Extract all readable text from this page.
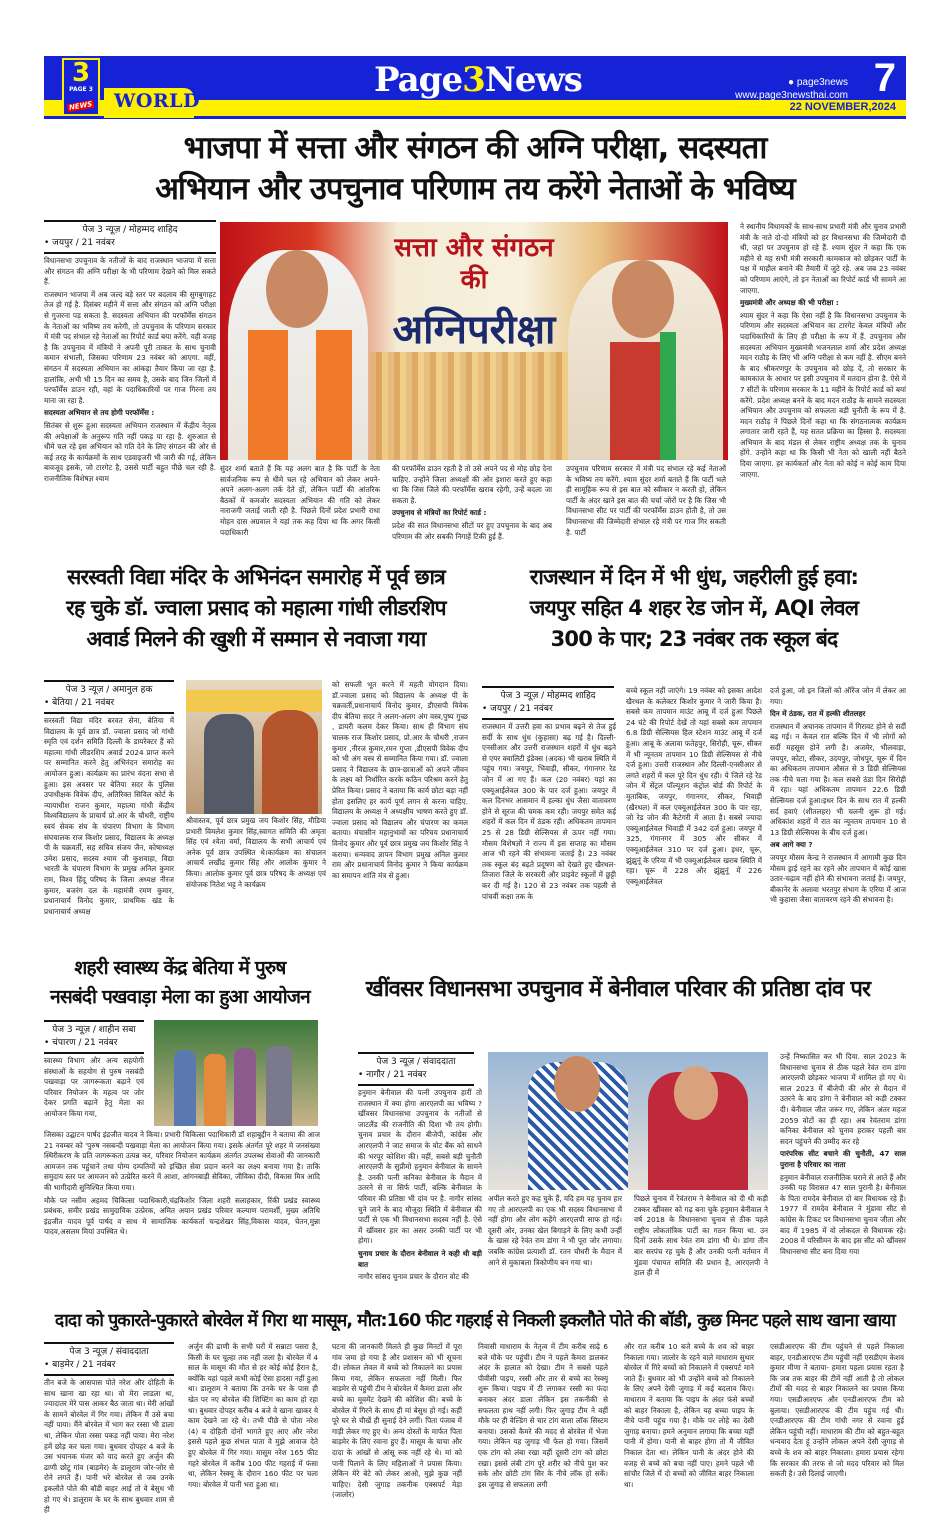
WORLD
3
PAGE 3
NEWS
Page3News	● page3news
www.page3newsthai.com 7
22 NOVEMBER,2024
भाजपा में सत्ता और संगठन की अग्नि परीक्षा, सदस्यता
अभियान और उपचुनाव परिणाम तय करेंगे नेताओं के भविष्य
पेज 3 न्यूज़ / मोहम्मद शाहिद
• जयपुर / 21 नवंबर

विधानसभा उपचुनाव के नतीजों के बाद राजस्थान भाजपा में सत्ता और संगठन की अग्नि परीक्षा के भी परिणाम देखने को मिल सकते हैं.

राजस्थान भाजपा में अब जल्द बड़े स्तर पर बदलाव की सुगबुगाहट तेज हो गई है. दिसंबर महीने में सत्ता और संगठन को अग्नि परीक्षा से गुजरना पड़ सकता है. सदस्यता अभियान की परफॉर्मेंस संगठन के नेताओं का भविष्य तय करेगी, तो उपचुनाव के परिणाम सरकार में मंत्री पद संभाल रहे नेताओं का रिपोर्ट कार्ड बया करेंगे. यही वजह है कि उपचुनाव में मंत्रियों ने अपनी पूरी ताकत के साथ चुनावी कमान संभाली, जिसका परिणाम 23 नवंबर को आएगा. वहीं, संगठन में सदस्यता अभियान का आंकड़ा तैयार किया जा रहा है. हालांकि, अभी भी 15 दिन का समय है, उसके बाद जिन जिलों में परफॉर्मेंस डाउन रही, वहां के पदाधिकारियों पर गाज गिरना तय माना जा रहा है.

सदस्यता अभियान से तय होगी परफॉर्मेंस :

सितंबर से शुरू हुआ सदस्यता अभियान राजस्थान में केंद्रीय नेतृत्व की अपेक्षाओं के अनुरूप गति नहीं पकड़ पा रहा है. शुरुआत से धीमे चल रहे इस अभियान को गति देने के लिए संगठन की ओर से कई तरह के कार्यक्रमों के साथ एडवाइजरी भी जारी की गई, लेकिन बावजूद इसके, जो टारगेट है, उससे पार्टी बहुत पीछे चल रही है. राजनीतिक विशेषज्ञ श्याम

सत्ता और संगठन
की
अग्निपरीक्षा

सुंदर शर्मा बताते हैं कि यह अलग बात है कि पार्टी के नेता सार्वजनिक रूप से धीमे चल रहे अभियान को लेकर अपने-अपने अलग-अलग तर्क देते हों, लेकिन पार्टी की आंतरिक बैठकों में कमजोर सदस्यता अभियान की गति को लेकर नाराजगी जताई जाती रही है. पिछले दिनों प्रदेश प्रभारी राधा मोहन दास अग्रवाल ने यहां तक कह दिया था कि अगर किसी पदाधिकारी

की परफॉर्मेंस डाउन रहती है तो उसे अपने पद से मोह छोड़ देना चाहिए. उन्होंने जिला अध्यक्षों की ओर इशारा करते हुए कहा था कि जिस जिले की परफॉर्मेंस खराब रहेगी, उन्हें बदला जा सकता है.

उपचुनाव से मंत्रियों का रिपोर्ट कार्ड :

प्रदेश की सात विधानसभा सीटों पर हुए उपचुनाव के बाद अब परिणाम की ओर सबकी निगाहें टिकी हुई हैं.

उपचुनाव परिणाम सरकार में मंत्री पद संभाल रहे कई नेताओं के भविष्य तय करेंगे. श्याम सुंदर शर्मा बताते हैं कि पार्टी भले ही सामूहिक रूप से इस बात को स्वीकार न करती हो, लेकिन पार्टी के अंदर खाने इस बात की चर्चा जोरों पर है कि जिस भी विधानसभा सीट पर पार्टी की परफॉर्मेंस डाउन होती है, तो उस विधानसभा की जिम्मेदारी संभाल रहे मंत्री पर गाज गिर सकती है. पार्टी

ने स्थानीय विधायकों के साथ-साथ प्रभारी मंत्री और चुनाव प्रभारी मंत्री के नाते दो-दो मंत्रियों को हर विधानसभा की जिम्मेदारी दी थी, जहां पर उपचुनाव हो रहे हैं. श्याम सुंदर ने कहा कि एक महीने से यह सभी मंत्री सरकारी कामकाज को छोड़कर पार्टी के पक्ष में माहौल बनाने की तैयारी में जुटे रहे. अब जब 23 नवंबर को परिणाम आएंगे, तो इन नेताओं का रिपोर्ट कार्ड भी सामने आ जाएगा.

मुख्यमंत्री और अध्यक्ष की भी परीक्षा :

श्याम सुंदर ने कहा कि ऐसा नहीं है कि विधानसभा उपचुनाव के परिणाम और सदस्यता अभियान का टारगेट केवल मंत्रियों और पदाधिकारियों के लिए ही परीक्षा के रूप में हैं. उपचुनाव और सदस्यता अभियान मुख्यमंत्री भजनलाल शर्मा और प्रदेश अध्यक्ष मदन राठौड़ के लिए भी अग्नि परीक्षा से कम नहीं है. सीएम बनने के बाद श्रीकरणपुर के उपचुनाव को छोड़ दें, तो सरकार के कामकाज के आधार पर इसी उपचुनाव में मतदान होना है. ऐसे में 7 सीटों के परिणाम सरकार के 11 महीने के रिपोर्ट कार्ड को बयां करेंगे. प्रदेश अध्यक्ष बनने के बाद मदन राठौड़ के सामने सदस्यता अभियान और उपचुनाव को सफलता बड़ी चुनौती के रूप में है. मदन राठौड़ ने पिछले दिनों कहा था कि संगठनात्मक कार्यक्रम लगातार जारी रहते हैं, यह सतत प्रक्रिया का हिस्सा है. सदस्यता अभियान के बाद मंडल से लेकर राष्ट्रीय अध्यक्ष तक के चुनाव होंगे. उन्होंने कहा था कि किसी भी नेता को खाली नहीं बैठने दिया जाएगा. हर कार्यकर्ता और नेता को कोई न कोई काम दिया जाएगा.

सरस्वती विद्या मंदिर के अभिनंदन समारोह में पूर्व छात्र
रह चुके डॉ. ज्वाला प्रसाद को महात्मा गांधी लीडरशिप
अवार्ड मिलने की खुशी में सम्मान से नवाजा गया
राजस्थान में दिन में भी धुंध, जहरीली हुई हवा:
जयपुर सहित 4 शहर रेड जोन में, AQI लेवल
300 के पार; 23 नवंबर तक स्कूल बंद
पेज 3 न्यूज़ / अमानुल हक
• बेतिया / 21 नवंबर

सरस्वती विद्या मंदिर बरवत सेना, बेतिया में विद्यालय के पूर्व छात्र डॉ. ज्वाला प्रसाद जो गांधी स्मृति एवं दर्शन समिति दिल्ली के डायरेक्टर हैं को महात्मा गांधी लीडरशिप अवार्ड 2024 प्राप्त करने पर सम्मानित करने हेतु अभिनंदन समारोह का आयोजन हुआ। कार्यक्रम का प्रारंभ वंदना सभा से हुआ। इस अवसर पर बेतिया सदर के पुलिस उपाधीक्षक विवेक दीप, अतिरिक्त सिविल कोर्ट के न्यायाधीश राजन कुमार, महात्मा गांधी केंद्रीय विश्वविद्यालय के प्राचार्य प्रो.आर के चौधरी, राष्ट्रीय स्वयं सेवक संघ के चंपारण विभाग के विभाग संघचालक राज किशोर प्रसाद, विद्यालय के अध्यक्ष पी के चक्रवर्ती, सह सचिव संजय जैन, कोषाध्यक्ष उमेश प्रसाद, सदस्य श्याम जी कुशवाहा, विद्या भारती के चंपारण विभाग के प्रमुख अनिल कुमार राम, विश्व हिंदू परिषद के जिला अध्यक्ष नीरज कुमार, बजरंग दल के महामंत्री रमण कुमार, प्रधानाचार्य विनोद कुमार, प्राथमिक खंड के प्रधानाचार्य अध्यक्ष

श्रीवास्तव, पूर्व छात्र प्रमुख जय किशोर सिंह, मीडिया प्रभारी विमलेश कुमार सिंह,स्वागत समिति की अमृता सिंह एवं श्वेता वर्मा, विद्यालय के सभी आचार्य एवं अनेक पूर्व छात्र उपस्थित थे।कार्यक्रम का संचालन आचार्य लखींद्र कुमार सिंह और आलोक कुमार ने किया। आलोक कुमार पूर्व छात्र परिषद के अध्यक्ष एवं संयोजक नितेश भट्ट ने कार्यक्रम

को सफली भूत करने में महती योगदान दिया। डॉ.ज्वाला प्रसाद को विद्यालय के अध्यक्ष पी के चक्रवर्ती,प्रधानाचार्य विनोद कुमार, डीएसपी विवेक दीप बेतिया सदर ने अलग-अलग अंग वस्त्र,पुष्प गुच्छ , डायरी कलम देकर किया। साथ ही विभाग संघ चालक राज किशोर प्रसाद, प्रो.आर के चौधरी ,राजन कुमार ,नीरज कुमार,रमन गुप्ता ,डीएसपी विवेक दीप को भी अंग वस्त्र से सम्मानित किया गया। डॉ. ज्वाला प्रसाद ने विद्यालय के छात्र-छात्राओं को अपने जीवन के लक्ष्य को निर्धारित करके कठिन परिश्रम करने हेतु प्रेरित किया। प्रसाद ने बताया कि कार्य छोटा बड़ा नहीं होता इसलिए हर कार्य पूर्ण लगन से करना चाहिए. विद्यालय के अध्यक्ष ने अध्यक्षीय भाषण करते हुए डॉ. ज्वाला प्रसाद को विद्यालय और चंपारण का कमल बताया। मंचासीन महानुभावों का परिचय प्रधानाचार्य विनोद कुमार और पूर्व छात्र प्रमुख जय किशोर सिंह ने कराया। धन्यवाद ज्ञापन विभाग प्रमुख अनिल कुमार राम और प्रधानाचार्य विनोद कुमार ने किया कार्यक्रम का समापन शांति मंत्र से हुआ।

पेज 3 न्यूज़ / मोहम्मद शाहिद
• जयपुर / 21 नवंबर

राजस्थान में उत्तरी हवा का प्रभाव बढ़ने से तेज हुई सर्दी के साथ धुंध (कुहासा) बढ़ गई है। दिल्ली-एनसीआर और उत्तरी राजस्थान शहरों में धुंध बढ़ने से एयर क्वालिटी इंडेक्स (अदक) भी खराब स्थिति में पहुंच गया। जयपुर, भिवाड़ी, सीकर, गंगानगर रेड जोन में आ गए हैं। कल (20 नवंबर) यहां का एक्यूआईलेवल 300 के पार दर्ज हुआ। जयपुर में कल दिनभर आसमान में हल्का धुंध जैसा वातावरण होने से सूरज की चमक कम रही। जयपुर समेत कई शहरों में कल दिन में ठंडक रही। अधिकतम तापमान 25 से 28 डिग्री सेल्सियस से ऊपर नहीं गया। मौसम विशेषज्ञों ने राज्य में इस सप्ताह का मौसम आज भी रहने की संभावना जताई है। 23 नवंबर तक स्कूल बंद बढ़ते प्रदूषण को देखते हुए खैरथल-तिजारा जिले के सरकारी और प्राइवेट स्कूलों में छुट्टी कर दी गई है। 120 से 23 नवंबर तक पहली से पांचवीं कक्षा तक के

बच्चे स्कूल नहीं जाएंगे। 19 नवंबर को इसका आदेश खैरथल के कलेक्टर किशोर कुमार ने जारी किया है। सबसे कम तापमान माउंट आबू में दर्ज हुआ पिछले 24 घंटे की रिपोर्ट देखें तो यहां सबसे कम तापमान 6.8 डिग्री सेल्सियस हिल स्टेशन माउंट आबू में दर्ज हुआ। आबू के अलावा फतेहपुर, सिरोही, चूरू, सीकर में भी न्यूनतम तापमान 10 डिग्री सेल्सियस से नीचे दर्ज हुआ। उत्तरी राजस्थान और दिल्ली-एनसीआर से लगते शहरों में कल पूरे दिन धुंध रही। ये जिले रहे रेड जोन में सेंट्रल पॉल्यूशन कंट्रोल बोर्ड की रिपोर्ट के मुताबिक, जयपुर, गंगानगर, सीकर, भिवाड़ी (खैरथल) में कल एक्यूआईलेवल 300 के पार रहा, जो रेड जोन की कैटेगरी में आता है। सबसे ज्यादा एक्यूआईलेवल भिवाड़ी में 342 दर्ज हुआ। जयपुर में 325, गंगानगर में 305 और सीकर में एक्यूआईलेवल 310 पर दर्ज हुआ। इधर, चूरू, झुंझुनूं के एरिया में भी एक्यूआईलेवल खराब स्थिति में रहा। चूरू में 228 और झुंझुनूं में 226 एक्यूआईलेवल

दर्ज हुआ, जो इन जिलों को ऑरेंज जोन में लेकर आ गया।

दिन में ठंडक, रात में हल्की शीतलहर

राजस्थान में अचानक तापमान में गिरावट होने से सर्दी बढ़ गई। न केवल रात बल्कि दिन में भी लोगों को सर्दी महसूस होने लगी है। अजमेर, भीलवाड़ा, जयपुर, कोटा, सीकर, उदयपुर, जोधपुर, चूरू में दिन का अधिकतम तापमान औसत से 3 डिग्री सेल्सियस तक नीचे चला गया है। कल सबसे ठंडा दिन सिरोही में रहा। यहां अधिकतम तापमान 22.6 डिग्री सेल्सियस दर्ज हुआ।इधर दिन के साथ रात में हल्की सर्द हवाएं (शीतलहर) भी चलनी शुरू हो गई। अधिकांश शहरों में रात का न्यूनतम तापमान 10 से 13 डिग्री सेल्सियस के बीच दर्ज हुआ।

अब आगे क्या ?

जयपुर मौसम केन्द्र ने राजस्थान में आगामी कुछ दिन मौसम ड्राई रहने का रहने और तापमान में कोई खास उतार-चढ़ाव नहीं होने की संभावना जताई है। जयपुर, बीकानेर के अलावा भरतपुर संभाग के एरिया में आज भी कुहासा जैसा वातावरण रहने की संभावना है।

शहरी स्वास्थ्य केंद्र बेतिया में पुरुष
नसबंदी पखवाड़ा मेला का हुआ आयोजन
पेज 3 न्यूज़ / शाहीन सबा
• चंपारण / 21 नवंबर

स्वास्थ्य विभाग और अन्य सहयोगी संस्थाओं के सहयोग से पुरुष नसबंदी पखवाड़ा पर जागरूकता बढ़ाने एवं परिवार नियोजन के महत्व पर जोर देकर प्रगति बढ़ाने हेतु मेला का आयोजन किया गया,

जिसका उद्घाटन पार्षद इंद्रजीत यादव ने किया। प्रभारी चिकित्सा पदाधिकारी डॉ शहाबुद्दीन ने बताया की आज 21 नवम्बर को 'पुरुष नसबन्दी पखवाड़ा मेला का आयोजन किया गया। इसके अंतर्गत पूरे शहर मे जनसंख्या स्थिरीकरण के प्रति जागरूकता उत्पन्न कर, परिवार नियोजन कार्यक्रम अंतर्गत उपलब्ध सेवाओं की जानकारी आमजन तक पहुंचाने तथा योग्य दम्पतियों को इच्छित सेवा प्रदान करने का लक्ष्य बनाया गया है। ताकि समुदाय स्तर पर आमजन को उत्प्रेरित करने में आशा, आंगनबाड़ी सेविका, जीविका दीदी, विकास मित्र आदि की भागीदारी सुनिश्चित किया गया।

मौके पर नसीम अहमद चिकित्सा पदाधिकारी,चंद्रकिशोर जिला शहरी सलाहकार, रिंकी प्रखंड स्वास्थ्य प्रबंधक, समीर प्रखंड सामुदायिक उत्प्रेरक, अमित अयान प्रखंड परिवार कल्याण परामर्शी, मुख्य अतिथि इंद्रजीत यादव पूर्व पार्षद व साथ मे सामाजिक कार्यकर्ता चन्द्रशेखर सिंह,विकास यादव, चेतन,मुन्ना यादव,असलम मियां उपस्थित थे।

खींवसर विधानसभा उपचुनाव में बेनीवाल परिवार की प्रतिष्ठा दांव पर
पेज 3 न्यूज़ / संवाददाता
• नागौर / 21 नवंबर

हनुमान बेनीवाल की पत्नी उपचुनाव हारीं तो राजस्थान में क्या होगा आरएलपी का भविष्य ? खींवसर विधानसभा उपचुनाव के नतीजों से जाटलैंड की राजनीति की दिशा भी तय होगी। चुनाव प्रचार के दौरान बीजेपी, कांग्रेस और आरएलपी ने जाट समाज के वोट बैंक को साधने की भरपूर कोशिश की। वहीं, सबसे बड़ी चुनौती आरएलपी के सुप्रीमो हनुमान बेनीवाल के सामने है. उनकी पत्नी कनिका बेनीवाल के मैदान में उतरने से ना सिर्फ पार्टी, बल्कि बेनीवाल के परिवार की प्रतिष्ठा भी दांव पर है. नागौर सांसद चुने जाने के बाद मौजूदा स्थिति में बेनीवाल की पार्टी से एक भी विधानसभा सदस्य नहीं है. ऐसे में खींवसर हार का असर उनकी पार्टी पर भी होगा।

चुनाव प्रचार के दौरान बेनीवाल ने कही थी बड़ी बात

नागौर सांसद चुनाव प्रचार के दौरान वोट की

अपील करते हुए कह चुके हैं, यदि हम यह चुनाव हार गए तो आरएलपी का एक भी सदस्य विधानसभा में नहीं होगा और लोग कहेंगे आरएलपी साफ हो गई। दूसरी ओर, उनका खेल बिगाड़ने के लिए कभी उन्हीं के खास रहे रेवंत राम डांगा ने भी पूरा जोर लगाया। जबकि कांग्रेस प्रत्याशी डॉ. रतन चौधरी के मैदान में आने से मुकाबला त्रिकोणीय बन गया था।

पिछले चुनाव में रेवंतराम ने बेनीवाल को दी थी कड़ी टक्कर खींवसर को गढ़ बना चुके हनुमान बेनीवाल ने वर्ष 2018 के विधानसभा चुनाव से ठीक पहले राष्ट्रीय लोकतांत्रिक पार्टी का गठन किया था. उन दिनों उसके साथ रेवंत राम डांगा भी थे। डांगा तीन बार सरपंच रह चुके हैं और उनकी पत्नी वर्तमान में मुंडवा पंचायत समिति की प्रधान है, आरएलपी ने हाल ही में

उन्हें निष्कासित कर भी दिया. साल 2023 के विधानसभा चुनाव से ठीक पहले रेवंत राम डांगा आरएलपी छोड़कर भाजपा में शामिल हो गए थे। साल 2023 में बीजेपी की ओर से मैदान में उतरने के बाद डांगा ने बेनीवाल को कड़ी टक्कर दी। बेनीवाल जीत जरूर गए, लेकिन अंतर महज 2059 वोटों का ही रहा। अब रेवंतराम डांगा कनिका बेनीवाल को चुनाव हराकर पहली बार सदन पहुंचने की उम्मीद कर रहे

पारंपरिक सीट बचाने की चुनौती, 47 साल पुराना है परिवार का नाता

हनुमान बेनीवाल राजनीतिक घराने से आते हैं और उनकी यह विरासत 47 साल पुरानी है। बेनीवाल के पिता रामदेव बेनीवाल दो बार विधायक रहे हैं। 1977 में रामदेव बेनीवाल ने मुंडावा सीट से कांग्रेस के टिकट पर विधानसभा चुनाव जीता और बाद में 1985 में वो लोकदल से विधायक रहे। 2008 में परिसीमन के बाद इस सीट को खींवसर विधानसभा सीट बना दिया गया

दादा को पुकारते-पुकारते बोरवेल में गिरा था मासूम, मौत:160 फीट गहराई से निकली इकलौते पोते की बॉडी, कुछ मिनट पहले साथ खाना खाया
पेज 3 न्यूज़ / संवाददाता
• बाड़मेर / 21 नवंबर

तीन बजे के आसपास पोते नरेश और दोहिती के साथ खाना खा रहा था। वो मेरा लाडला था, ज्यादातर मेरे पास आकर बैठ जाता था। मेरी आंखों के सामने बोरवेल में गिर गया। लेकिन मैं उसे बचा नहीं पाया। मैंने बोरवेल में भाग कर रस्सा भी डाला था, लेकिन पोता रस्सा पकड़ नहीं पाया। मेरा नरेश हमें छोड़ कर चला गया। बुधवार दोपहर 4 बजे के उस भयानक मंजर को याद करते हुए अर्जुन की ढाणी छोटू गांव (बाड़मेर) के डालूराम जोर-जोर से रोने लगते हैं। पानी भरे बोरवेल से जब उनके इकलौते पोते की बॉडी बाहर आई तो वे बेसुध भी हो गए थे। डालूराम के घर के साथ बुधवार शाम से ही

अर्जुन की ढाणी के सभी घरों में सन्नाटा पसरा है, किसी के घर चूल्हा तक नहीं जला है। बोरवेल में 4 साल के मासूम की मौत से हर कोई कोई हैरान है, क्योंकि यहां पहले कभी कोई ऐसा हादसा नहीं हुआ था। डालूराम ने बताया कि उनके घर के पास ही खेत पर नए बोरवेल की शिफ्टिंग का काम हो रहा था। बुधवार दोपहर करीब 4 बजे वे खाना खाकर ये काम देखने जा रहे थे। तभी पीछे से पोता नरेश (4) व दोहिती दोनों भागते हुए आए और नरेश इससे पहले कुछ संभल पाता वे मुझे आवाज देते हुए बोरवेल में गिर गया। मासूम नरेश 165 फीट गहरे बोरवेल में करीब 100 फीट गहराई में फंसा था, लेकिन रेस्क्यू के दौरान 160 फीट पर चला गया। बोरवेल में पानी भरा हुआ था।

घटना की जानकारी मिलते ही कुछ मिनटों में पूरा गांव जमा हो गया है और प्रशासन को भी सूचना दी। लोकल लेवल में बच्चे को निकालने का प्रयास किया गया, लेकिन सफलता नहीं मिली। फिर बाड़मेर से पहुंची टीम ने बोरवेल में कैमरा डाला और बच्चे का मूवमेंट देखने की कोशिश की। बच्चे के बोरवेल में गिरने के साथ ही मां बेसुध हो गई। कहीं पूरे घर से चीखें ही सुनाई देने लगीं। पिता पंजाब में गाड़ी लेकर गए हुए थे। अन्य दोस्तों के मार्फत पिता बाड़मेर के लिए रवाना हुए हैं। मासूम के चाचा और दादा के आंखों से आंसू रुक नहीं रहे थे। मां को पानी पिलाने के लिए महिलाओं ने प्रयास किया। लेकिन मेरे बेटे को लेकर आओ, मुझे कुछ नहीं चाहिए। देसी जुगाड़ तकनीक एक्सपर्ट मेड़ा (जालोर)

निवासी माधाराम के नेतृत्व में टीम करीब साढ़े 6 बजे मौके पर पहुंची। टीम ने पहले कैमरा डालकर अंदर के हालात को देखा। टीम ने सबसे पहले पीवीसी पाइप, रस्सी और तार से बच्चे का रेस्क्यू शुरू किया। पाइप में टी लगाकर रस्सी का फंदा बनाकर अंदर डाला लेकिन इस तकनीकी से सफलता हाथ नहीं लगी। फिर जुगाड़ टीम ने वहीं मौके पर ही वेल्डिंग से चार टांग वाला लॉक सिस्टम बनाया। उसको कैमरे की मदद से बोरवेल में भेजा गया। लेकिन यह जुगाड़ भी फेल हो गया। जिसमें एक टांग को लंबा रखा वहीं दूसरी टांग को छोटा रखा। इससे लंबी टांग पूरे शरीर को नीचे पुश कर सके और छोटी टांग सिर के नीचे लॉक हो सकें। इस जुगाड़ से सफलता लगी

और रात करीब 10 बजे बच्चे के शव को बाहर निकाला गया। जालोर के रहने वाले माधाराम सुथार बोरवेल में गिरे बच्चों को निकालने में एक्सपर्ट माने जाते हैं। बुधवार को भी उन्होंने बच्चे को निकालने के लिए अपने देसी जुगाड़ में कई बदलाव किए। माधाराम ने बताया कि पाइप के अंदर फंसे बच्चों को बाहर निकाला है, लेकिन यह बच्चा पाइप के नीचे पानी पहुंच गया है। मौके पर लोहे का देसी जुगाड़ बनाया। हमने अनुमान लगाया कि बच्चा यहीं पानी में होगा। पानी से बाहर होगा तो मैं जीवित निकाल देता था। लेकिन पानी के अंदर होने की वजह से बच्चे को बचा नहीं पाए। हमने पहले भी सांचौर जिले में दो बच्चों को जीवित बाहर निकाला था।

एसडीआरएफ की टीम पहुंचने से पहले निकाला बाहर, एनडीआरएफ टीम पहुंची नहीं एसडीएम केशव कुमार मीणा ने बताया- हमारा पहला प्रयास रहता है कि जब तक बाहर की टीमें नहीं आती है तो लोकल टीमों की मदद से बाहर निकालने का प्रयास किया गया। एसडीआरएफ और एनडीआरएफ टीम को बुलाया। एसडीआरएफ की टीम पहुंच गई थी। एनडीआरएफ की टीम गांधी नगर से रवाना हुई लेकिन पहुंची नहीं। माधाराम की टीम को बहुत-बहुत धन्यवाद देता हूं उन्होंने लोकल अपने देसी जुगाड़ से बच्चे के शव को बाहर निकाला। हमारा प्रयास रहेगा कि सरकार की तरफ से जो मदद परिवार को मिल सकती है। उसे दिलाई जाएगी।
